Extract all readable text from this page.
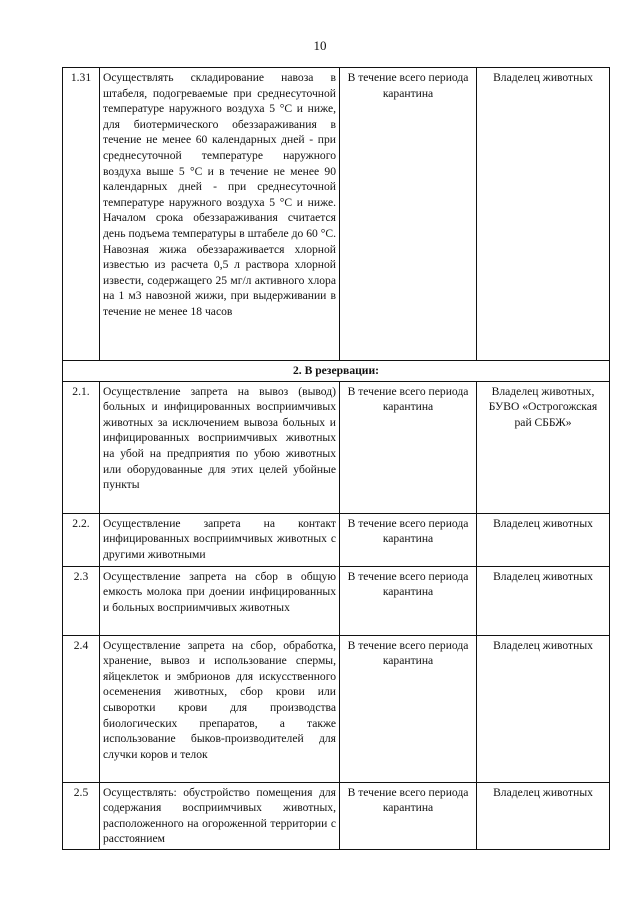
10
1.31	Осуществлять складирование навоза в штабеля, подогреваемые при среднесуточной температуре наружного воздуха 5 °С и ниже, для биотермического обеззараживания в течение не менее 60 календарных дней - при среднесуточной температуре наружного воздуха выше 5 °С и в течение не менее 90 календарных дней - при среднесуточной температуре наружного воздуха 5 °С и ниже. Началом срока обеззараживания считается день подъема температуры в штабеле до 60 °С. Навозная жижа обеззараживается хлорной известью из расчета 0,5 л раствора хлорной извести, содержащего 25 мг/л активного хлора на 1 м3 навозной жижи, при выдерживании в течение не менее 18 часов	В течение всего периода карантина	Владелец животных
2. В резервации:			
2.1.	Осуществление запрета на вывоз (вывод) больных и инфицированных восприимчивых животных за исключением вывоза больных и инфицированных восприимчивых животных на убой на предприятия по убою животных или оборудованные для этих целей убойные пункты	В течение всего периода карантина	Владелец животных, БУВО «Острогожская рай СББЖ»
2.2.	Осуществление запрета на контакт инфицированных восприимчивых животных с другими животными	В течение всего периода карантина	Владелец животных
2.3	Осуществление запрета на сбор в общую емкость молока при доении инфицированных и больных восприимчивых животных	В течение всего периода карантина	Владелец животных
2.4	Осуществление запрета на сбор, обработка, хранение, вывоз и использование спермы, яйцеклеток и эмбрионов для искусственного осеменения животных, сбор крови или сыворотки крови для производства биологических препаратов, а также использование быков-производителей для случки коров и телок	В течение всего периода карантина	Владелец животных
2.5	Осуществлять: обустройство помещения для содержания восприимчивых животных, расположенного на огороженной территории с расстоянием	В течение всего периода карантина	Владелец животных
